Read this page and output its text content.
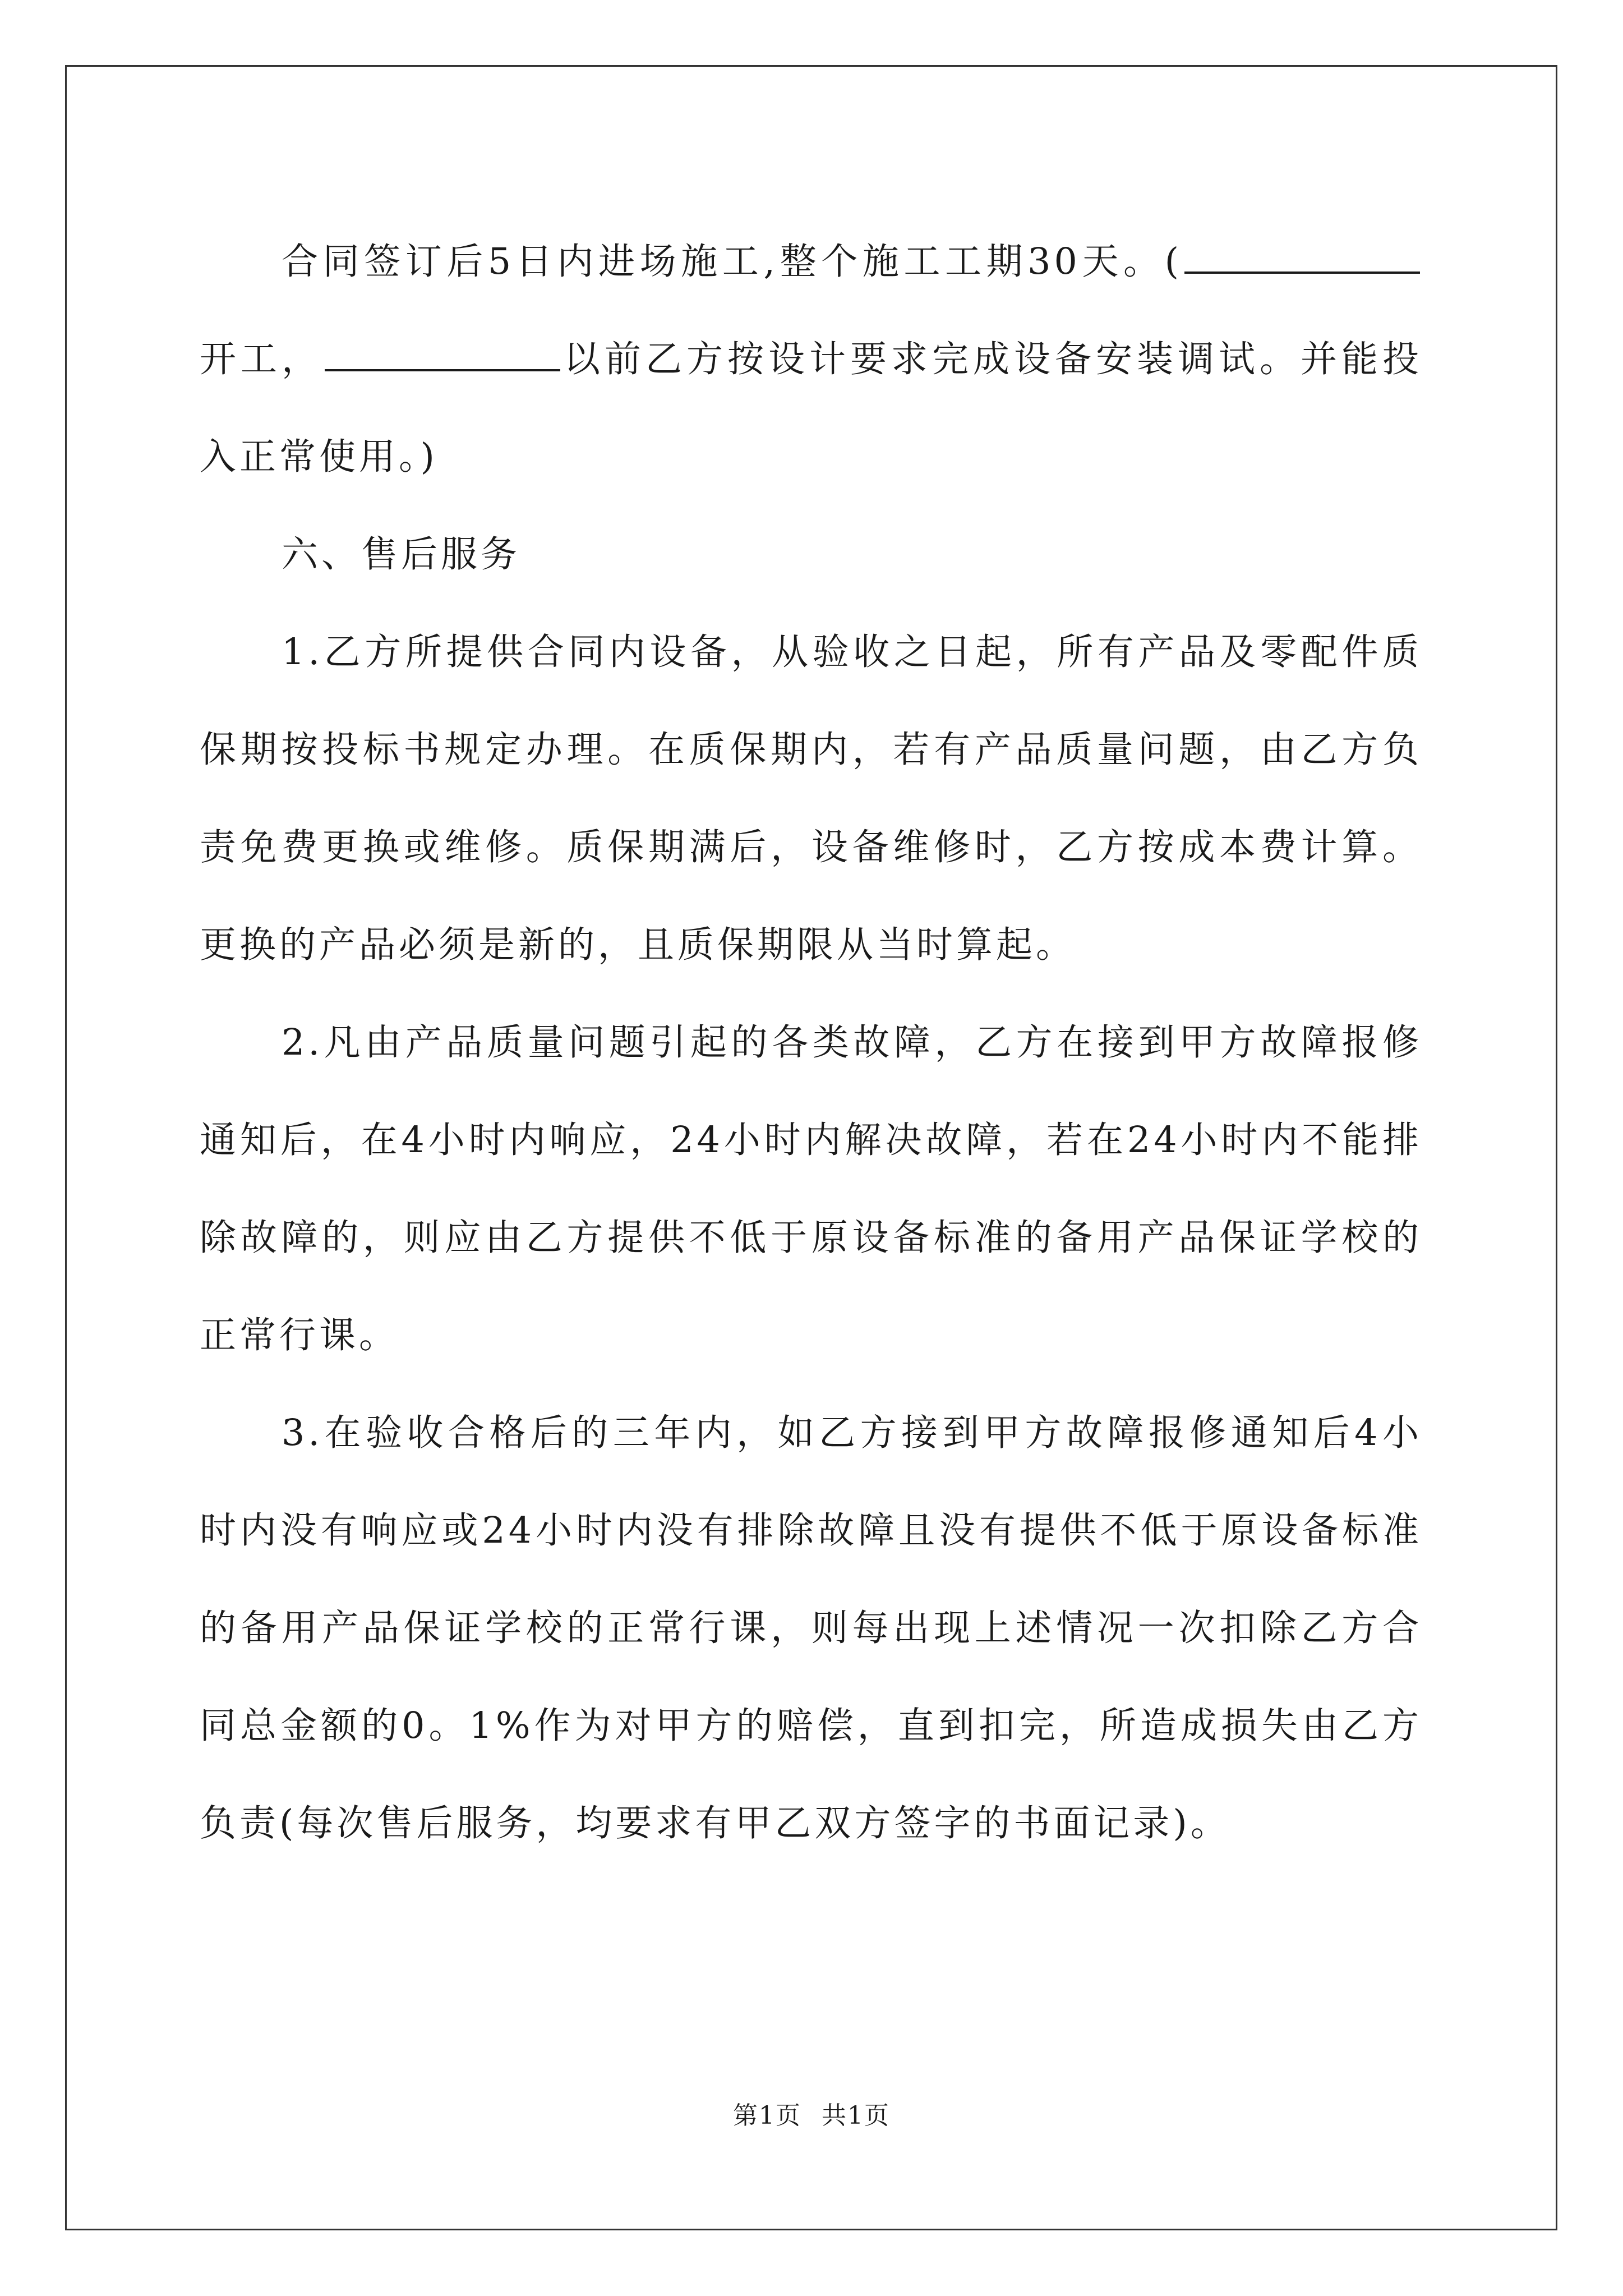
合同签订后5日内进场施工,整个施工工期30天。(开工，	以前乙方按设计要求完成设备安装调试。并能投入正常使用。)

六、售后服务

1.乙方所提供合同内设备，从验收之日起，所有产品及零配件质保期按投标书规定办理。在质保期内，若有产品质量问题，由乙方负责免费更换或维修。质保期满后，设备维修时，乙方按成本费计算。更换的产品必须是新的，且质保期限从当时算起。

2.凡由产品质量问题引起的各类故障，乙方在接到甲方故障报修通知后，在4小时内响应，24小时内解决故障，若在24小时内不能排除故障的，则应由乙方提供不低于原设备标准的备用产品保证学校的正常行课。

3.在验收合格后的三年内，如乙方接到甲方故障报修通知后4小时内没有响应或24小时内没有排除故障且没有提供不低于原设备标准的备用产品保证学校的正常行课，则每出现上述情况一次扣除乙方合同总金额的0。1%作为对甲方的赔偿，直到扣完，所造成损失由乙方负责(每次售后服务，均要求有甲乙双方签字的书面记录)。

第1页 共1页
